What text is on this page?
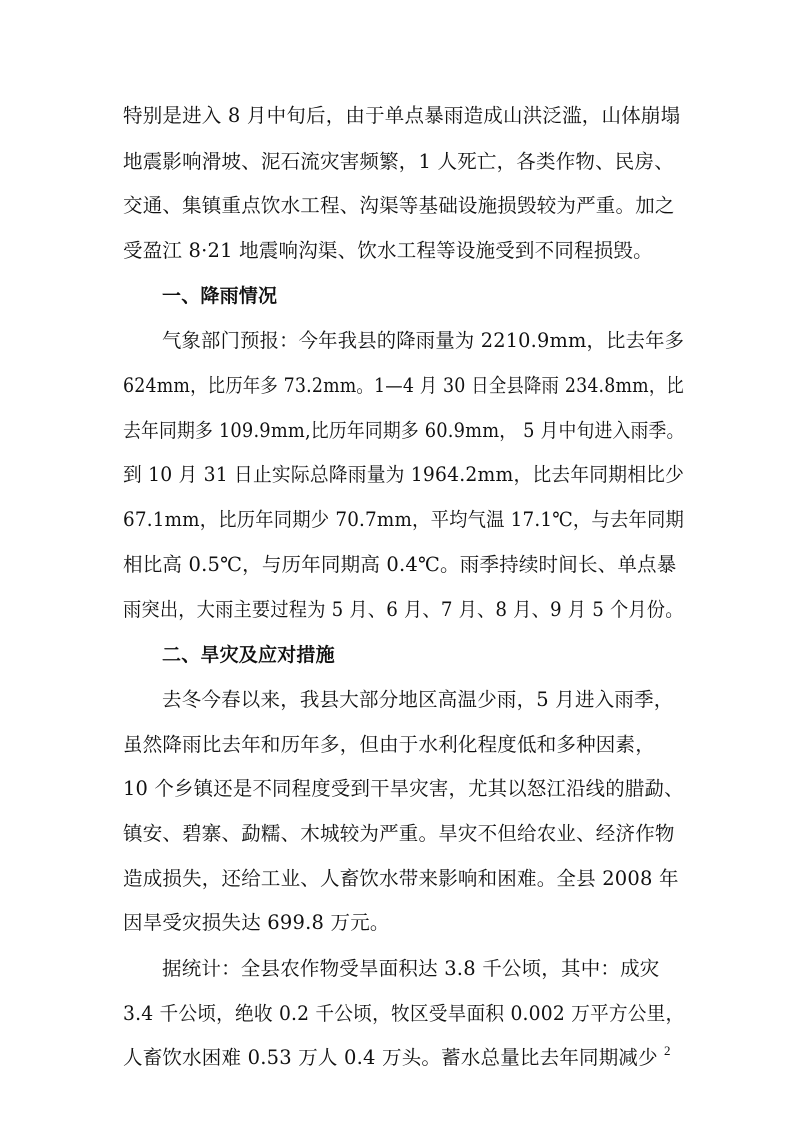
特别是进入 8 月中旬后，由于单点暴雨造成山洪泛滥，山体崩塌
地震影响滑坡、泥石流灾害频繁，1 人死亡，各类作物、民房、
交通、集镇重点饮水工程、沟渠等基础设施损毁较为严重。加之
受盈江 8·21 地震响沟渠、饮水工程等设施受到不同程损毁。
一、降雨情况
气象部门预报：今年我县的降雨量为 2210.9mm，比去年多
624mm，比历年多 73.2mm。1—4 月 30 日全县降雨 234.8mm，比
去年同期多 109.9mm,比历年同期多 60.9mm， 5 月中旬进入雨季。
到 10 月 31 日止实际总降雨量为 1964.2mm，比去年同期相比少
67.1mm，比历年同期少 70.7mm，平均气温 17.1℃，与去年同期
相比高 0.5℃，与历年同期高 0.4℃。雨季持续时间长、单点暴
雨突出，大雨主要过程为 5 月、6 月、7 月、8 月、9 月 5 个月份。
二、旱灾及应对措施
去冬今春以来，我县大部分地区高温少雨，5 月进入雨季，
虽然降雨比去年和历年多，但由于水利化程度低和多种因素，
10 个乡镇还是不同程度受到干旱灾害，尤其以怒江沿线的腊勐、
镇安、碧寨、勐糯、木城较为严重。旱灾不但给农业、经济作物
造成损失，还给工业、人畜饮水带来影响和困难。全县 2008 年
因旱受灾损失达 699.8 万元。
据统计：全县农作物受旱面积达 3.8 千公顷，其中：成灾
3.4 千公顷，绝收 0.2 千公顷，牧区受旱面积 0.002 万平方公里，
人畜饮水困难 0.53 万人 0.4 万头。蓄水总量比去年同期减少 2
